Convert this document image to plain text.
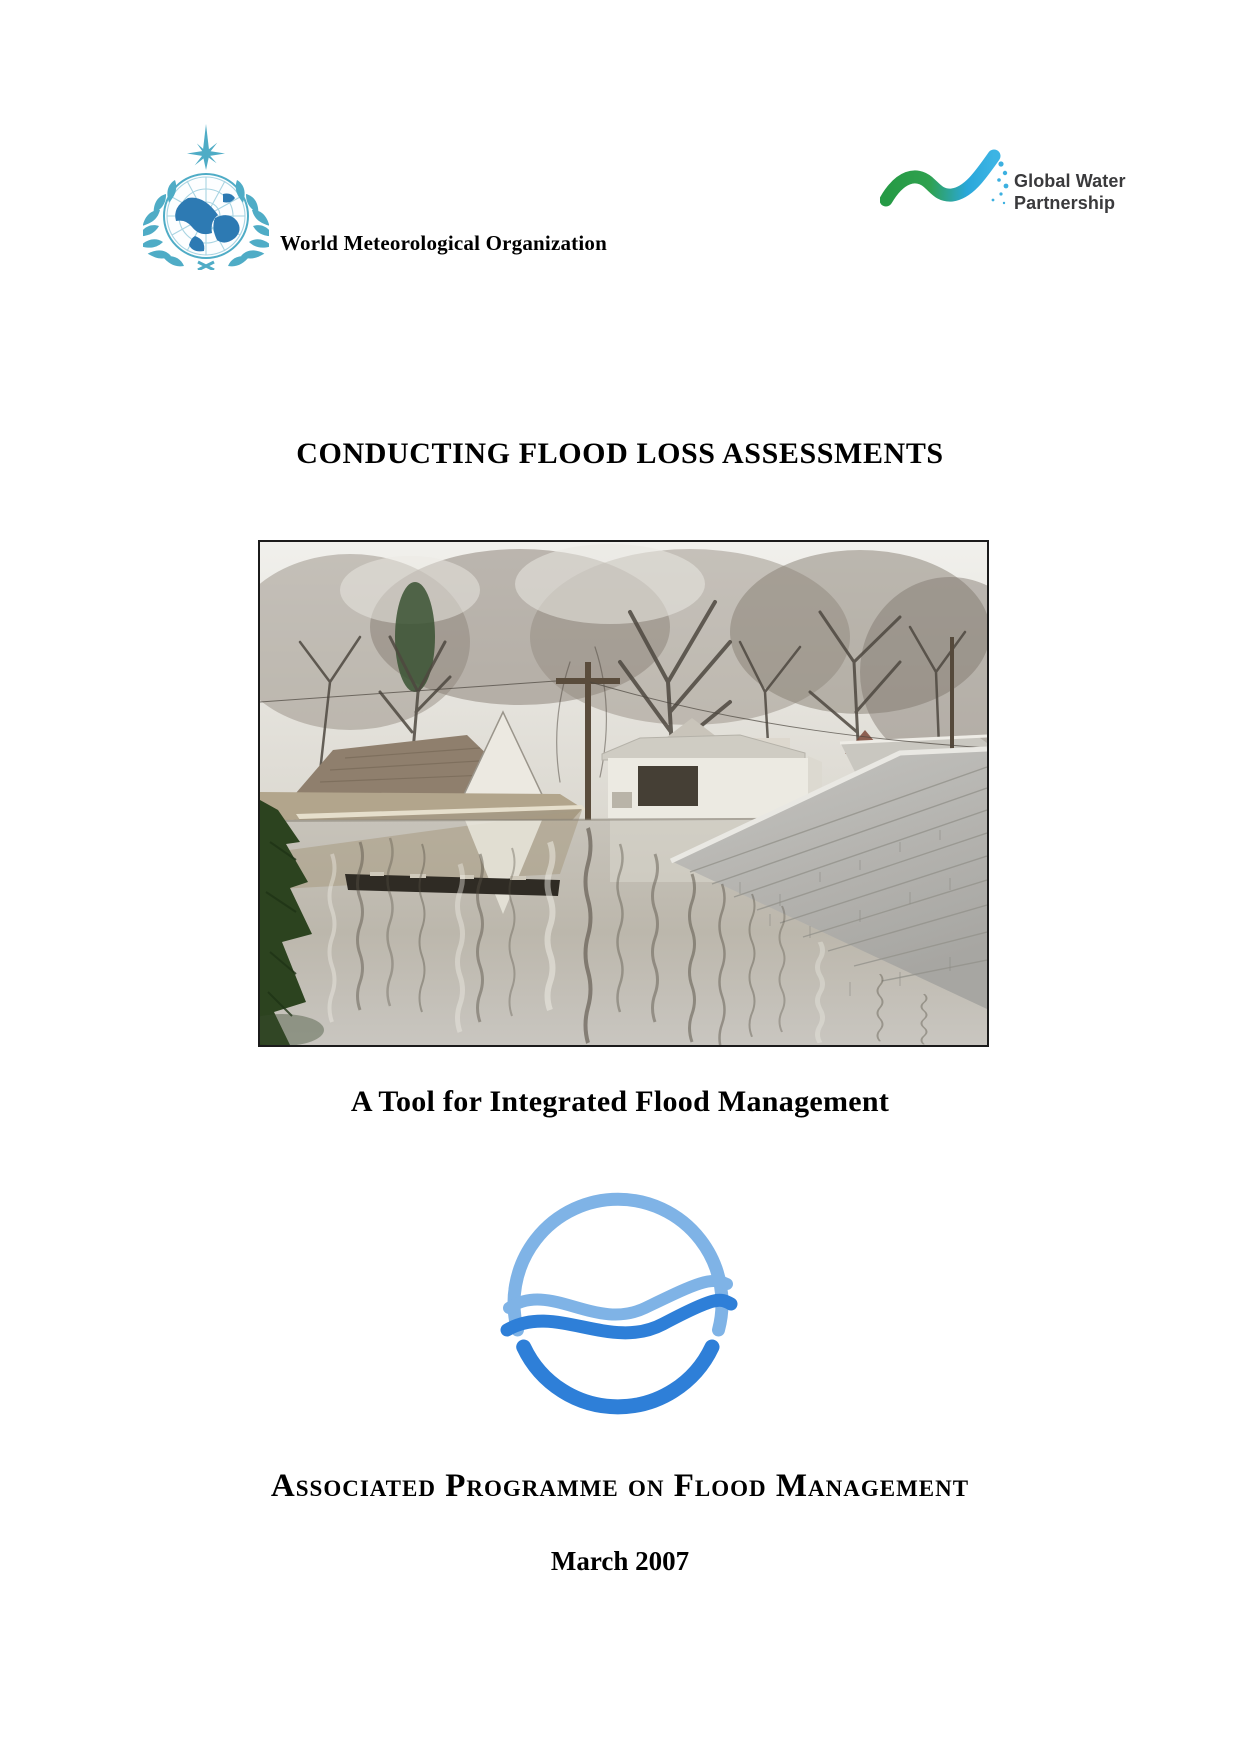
World Meteorological Organization
Global Water
Partnership
CONDUCTING FLOOD LOSS ASSESSMENTS
A Tool for Integrated Flood Management
Associated Programme on Flood Management
March 2007
